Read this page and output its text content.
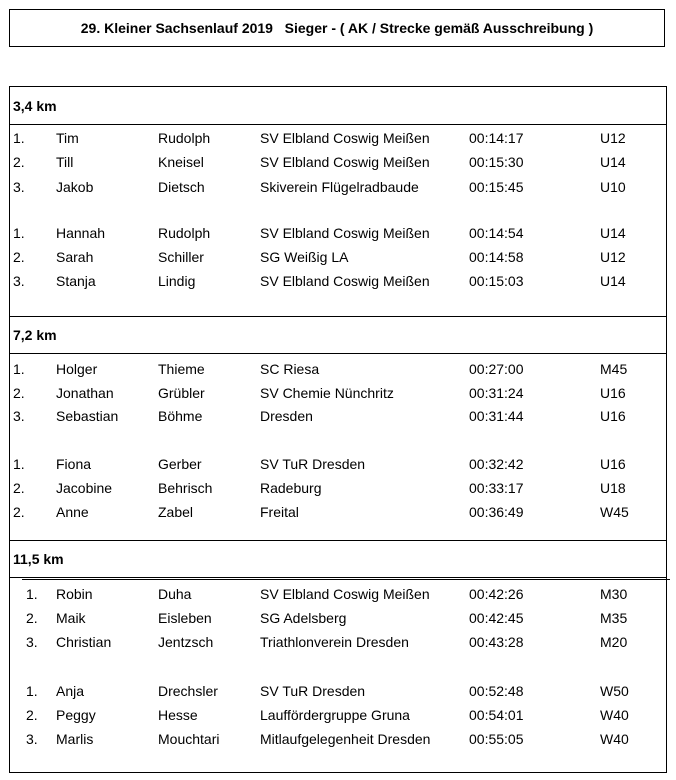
29. Kleiner Sachsenlauf 2019   Sieger - ( AK / Strecke gemäß Ausschreibung )
3,4 km
1. Tim	Rudolph	SV Elbland Coswig Meißen	00:14:17	U12
2. Till	Kneisel	SV Elbland Coswig Meißen	00:15:30	U14
3. Jakob	Dietsch	Skiverein Flügelradbaude	00:15:45	U10
1. Hannah	Rudolph	SV Elbland Coswig Meißen	00:14:54	U14
2. Sarah	Schiller	SG Weißig LA	00:14:58	U12
3. Stanja	Lindig	SV Elbland Coswig Meißen	00:15:03	U14
7,2 km
1. Holger	Thieme	SC Riesa	00:27:00	M45
2. Jonathan	Grübler	SV Chemie Nünchritz	00:31:24	U16
3. Sebastian	Böhme	Dresden	00:31:44	U16
1. Fiona	Gerber	SV TuR Dresden	00:32:42	U16
2. Jacobine	Behrisch	Radeburg	00:33:17	U18
2. Anne	Zabel	Freital	00:36:49	W45
11,5 km
1. Robin	Duha	SV Elbland Coswig Meißen	00:42:26	M30
2. Maik	Eisleben	SG Adelsberg	00:42:45	M35
3. Christian	Jentzsch	Triathlonverein Dresden	00:43:28	M20
1. Anja	Drechsler	SV TuR Dresden	00:52:48	W50
2. Peggy	Hesse	Lauffördergruppe Gruna	00:54:01	W40
3. Marlis	Mouchtari	Mitlaufgelegenheit Dresden	00:55:05	W40
